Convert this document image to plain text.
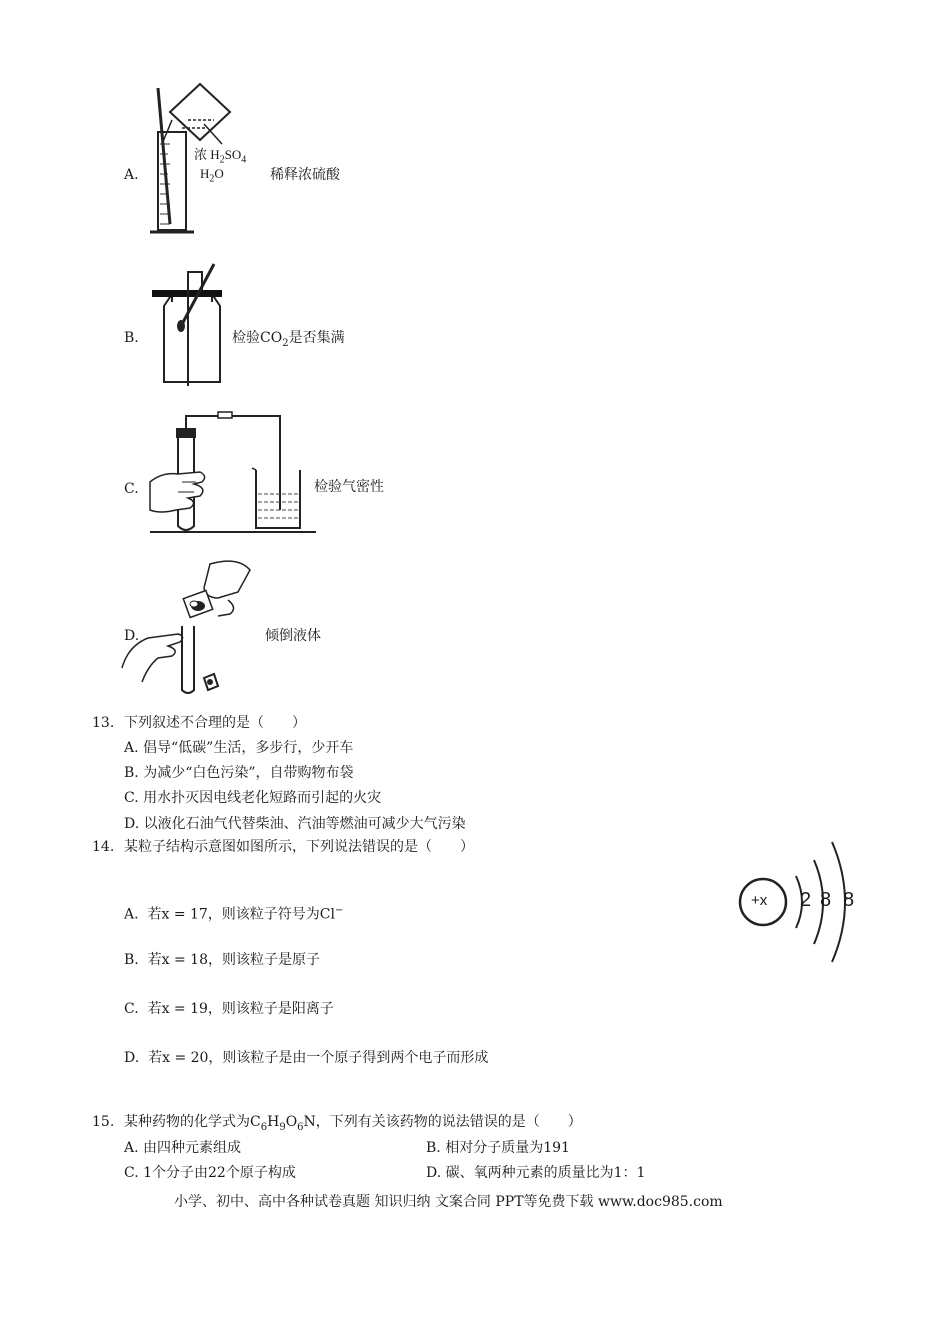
A.
浓 $H_2SO_4$
$H_2O$	稀释浓硫酸
B.	检验$CO_2$是否集满
C.	检验气密性
D.	倾倒液体
13. 下列叙述不合理的是（　　）
A. 倡导“低碳”生活，多步行，少开车
B. 为减少“白色污染”，自带购物布袋
C. 用水扑灭因电线老化短路而引起的火灾
D. 以液化石油气代替柴油、汽油等燃油可减少大气污染
14. 某粒子结构示意图如图所示，下列说法错误的是（　　）
A. 若x = 17，则该粒子符号为Cl−
B. 若x = 18，则该粒子是原子
C. 若x = 19，则该粒子是阳离子
D. 若x = 20，则该粒子是由一个原子得到两个电子而形成
+x 2 8 8
15. 某种药物的化学式为$C_6H_9O_6N$，下列有关该药物的说法错误的是（　　）
A. 由四种元素组成	B. 相对分子质量为191
C. 1个分子由22个原子构成	D. 碳、氧两种元素的质量比为1：1
小学、初中、高中各种试卷真题 知识归纳 文案合同 PPT等免费下载 www.doc985.com
